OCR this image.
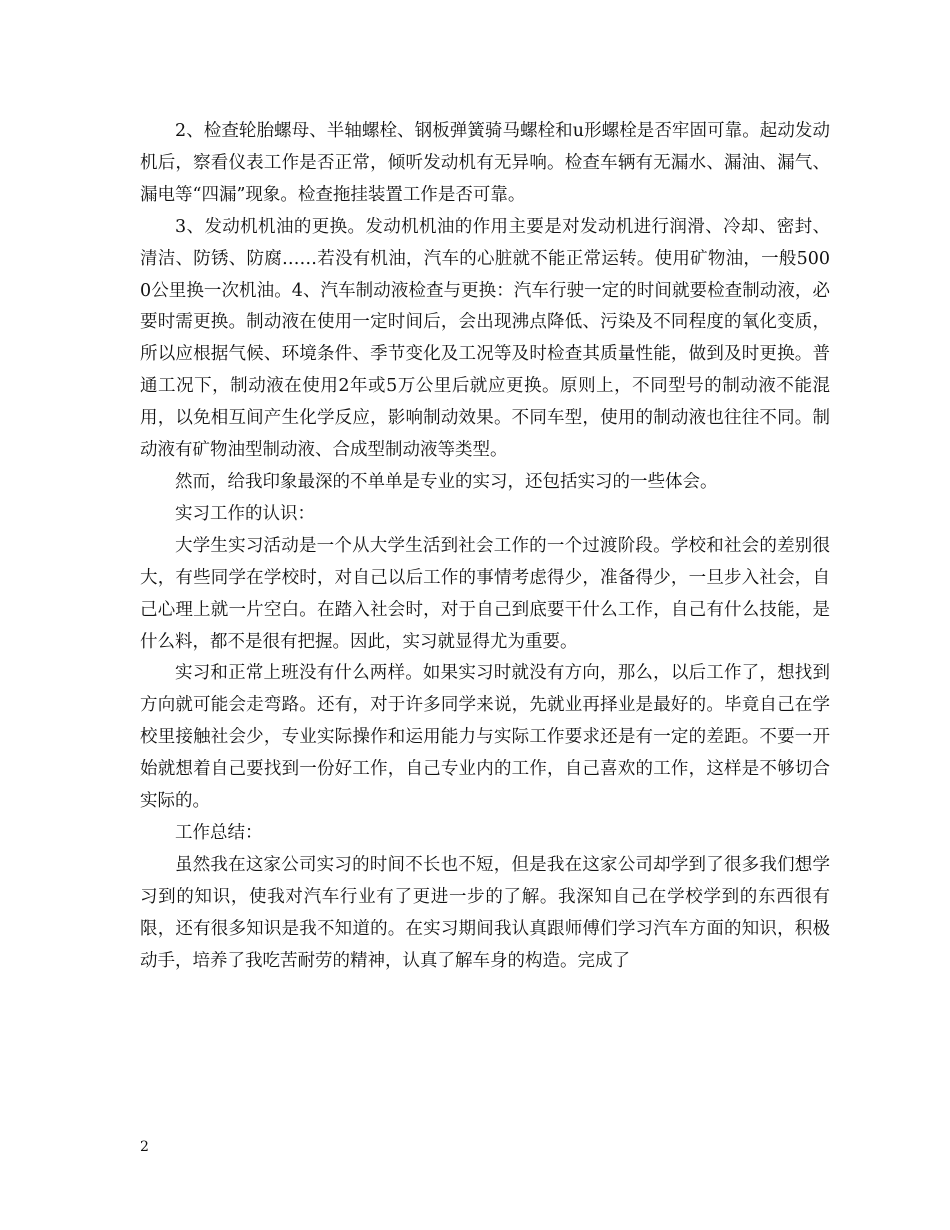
2、检查轮胎螺母、半轴螺栓、钢板弹簧骑马螺栓和u形螺栓是否牢固可靠。起动发动机后，察看仪表工作是否正常，倾听发动机有无异响。检查车辆有无漏水、漏油、漏气、漏电等“四漏”现象。检查拖挂装置工作是否可靠。

3、发动机机油的更换。发动机机油的作用主要是对发动机进行润滑、冷却、密封、清洁、防锈、防腐……若没有机油，汽车的心脏就不能正常运转。使用矿物油，一般5000公里换一次机油。4、汽车制动液检查与更换：汽车行驶一定的时间就要检查制动液，必要时需更换。制动液在使用一定时间后，会出现沸点降低、污染及不同程度的氧化变质，所以应根据气候、环境条件、季节变化及工况等及时检查其质量性能，做到及时更换。普通工况下，制动液在使用2年或5万公里后就应更换。原则上，不同型号的制动液不能混用，以免相互间产生化学反应，影响制动效果。不同车型，使用的制动液也往往不同。制动液有矿物油型制动液、合成型制动液等类型。

然而，给我印象最深的不单单是专业的实习，还包括实习的一些体会。

实习工作的认识：

大学生实习活动是一个从大学生活到社会工作的一个过渡阶段。学校和社会的差别很大，有些同学在学校时，对自己以后工作的事情考虑得少，准备得少，一旦步入社会，自己心理上就一片空白。在踏入社会时，对于自己到底要干什么工作，自己有什么技能，是什么料，都不是很有把握。因此，实习就显得尤为重要。

实习和正常上班没有什么两样。如果实习时就没有方向，那么，以后工作了，想找到方向就可能会走弯路。还有，对于许多同学来说，先就业再择业是最好的。毕竟自己在学校里接触社会少，专业实际操作和运用能力与实际工作要求还是有一定的差距。不要一开始就想着自己要找到一份好工作，自己专业内的工作，自己喜欢的工作，这样是不够切合实际的。

工作总结：

虽然我在这家公司实习的时间不长也不短，但是我在这家公司却学到了很多我们想学习到的知识，使我对汽车行业有了更进一步的了解。我深知自己在学校学到的东西很有限，还有很多知识是我不知道的。在实习期间我认真跟师傅们学习汽车方面的知识，积极动手，培养了我吃苦耐劳的精神，认真了解车身的构造。完成了

2
